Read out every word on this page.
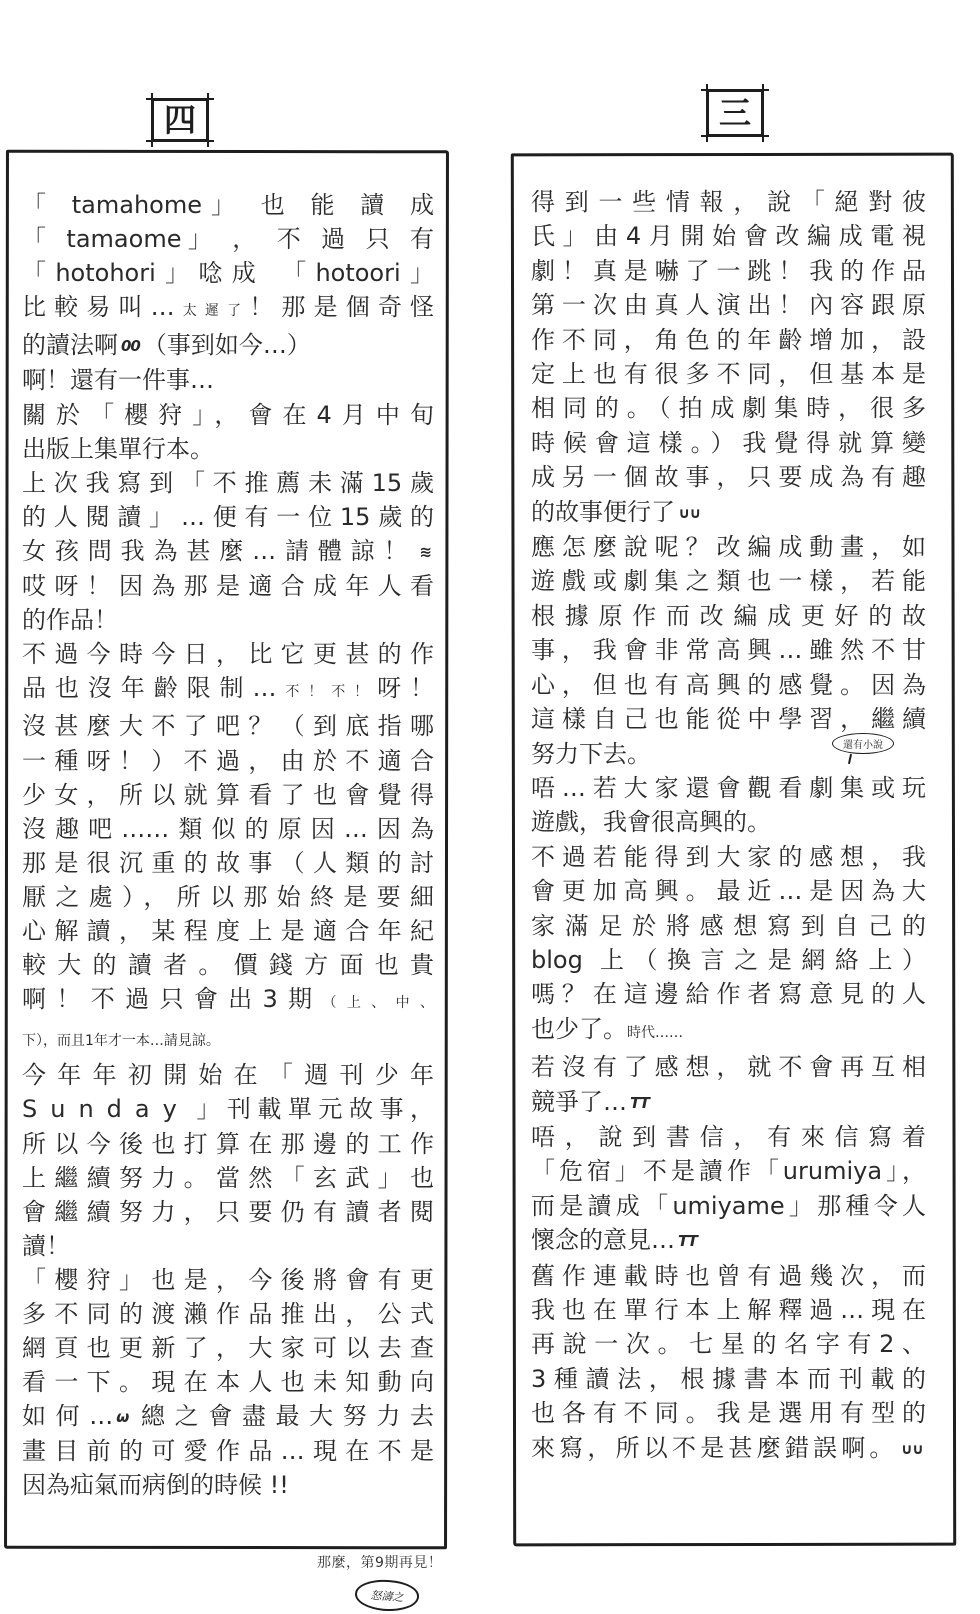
四
「 tamahome」 也 能 讀 成
「 tamaome」 ， 不 過 只 有
「hotohori」唸成 「hotoori」
比較易叫…太遲了！那是個奇怪
的讀法啊 00 （事到如今…）
啊！還有一件事…
關於「櫻狩」，會在4月中旬
出版上集單行本。
上次我寫到「不推薦未滿15歲
的人閱讀」…便有一位15歲的
女孩問我為甚麼…請體諒！ ≋
哎呀！因為那是適合成年人看
的作品！
不過今時今日，比它更甚的作
品也沒年齡限制…不！不！呀！
沒甚麼大不了吧？（到底指哪
一種呀！）不過，由於不適合
少女，所以就算看了也會覺得
沒趣吧……類似的原因…因為
那是很沉重的故事（人類的討
厭之處），所以那始終是要細
心解讀，某程度上是適合年紀
較大的讀者。價錢方面也貴
啊！不過只會出3期（上、中、
下），而且1年才一本…請見諒。
今年年初開始在「週刊少年
Sunday」刊載單元故事，
所以今後也打算在那邊的工作
上繼續努力。當然「玄武」也
會繼續努力，只要仍有讀者閱
讀！
「櫻狩」也是，今後將會有更
多不同的渡瀨作品推出，公式
網頁也更新了，大家可以去查
看一下。現在本人也未知動向
如何… ω 總之會盡最大努力去
畫目前的可愛作品…現在不是
因為疝氣而病倒的時候 !!
三
得到一些情報，說「絕對彼
氏」由4月開始會改編成電視
劇！真是嚇了一跳！我的作品
第一次由真人演出！內容跟原
作不同，角色的年齡增加，設
定上也有很多不同，但基本是
相同的。（拍成劇集時，很多
時候會這樣。）我覺得就算變
成另一個故事，只要成為有趣
的故事便行了 ∪∪
應怎麼說呢？改編成動畫，如
遊戲或劇集之類也一樣，若能
根據原作而改編成更好的故
事，我會非常高興…雖然不甘
心，但也有高興的感覺。因為
這樣自己也能從中學習，繼續
努力下去。
唔…若大家還會觀看劇集或玩
遊戲，我會很高興的。
不過若能得到大家的感想，我
會更加高興。最近…是因為大
家滿足於將感想寫到自己的
blog 上（換言之是網絡上）
嗎？在這邊給作者寫意見的人
也少了。時代……
若沒有了感想，就不會再互相
競爭了… TT
唔，說到書信，有來信寫着
「危宿」不是讀作「urumiya」，
而是讀成「umiyame」那種令人
懷念的意見… TT
舊作連載時也曾有過幾次，而
我也在單行本上解釋過…現在
再說一次。七星的名字有2、
3種讀法，根據書本而刊載的
也各有不同。我是選用有型的
來寫，所以不是甚麼錯誤啊。 ∪∪
還有小說
那麼，第9期再見！
怒濤之
